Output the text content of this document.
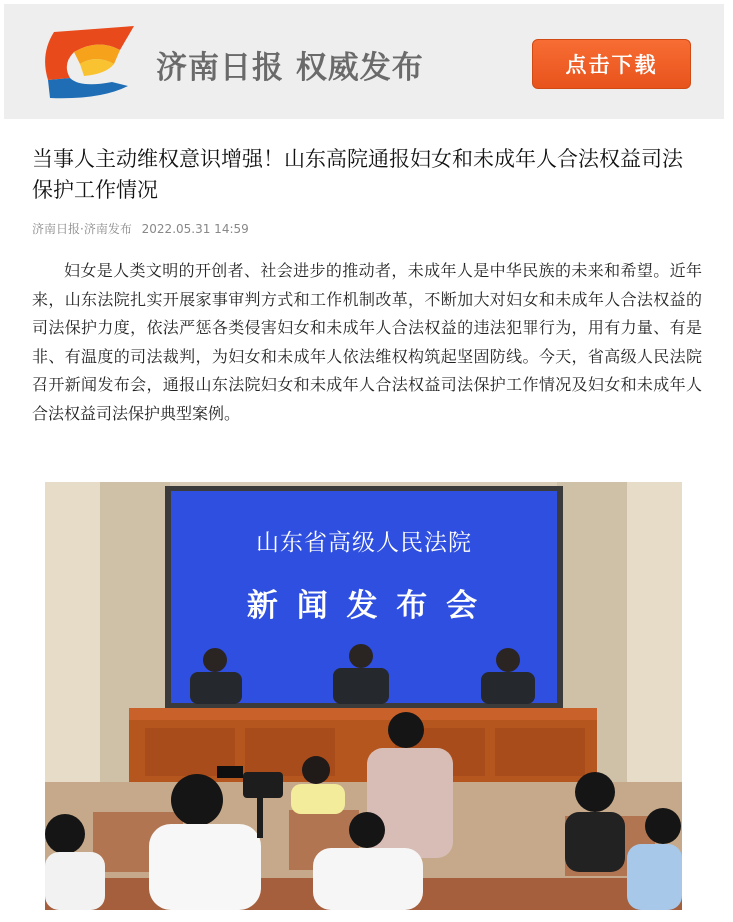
济南日报 权威发布	点击下载
当事人主动维权意识增强！山东高院通报妇女和未成年人合法权益司法保护工作情况
济南日报·济南发布 2022.05.31 14:59

妇女是人类文明的开创者、社会进步的推动者，未成年人是中华民族的未来和希望。近年来，山东法院扎实开展家事审判方式和工作机制改革，不断加大对妇女和未成年人合法权益的司法保护力度，依法严惩各类侵害妇女和未成年人合法权益的违法犯罪行为，用有力量、有是非、有温度的司法裁判，为妇女和未成年人依法维权构筑起坚固防线。今天，省高级人民法院召开新闻发布会，通报山东法院妇女和未成年人合法权益司法保护工作情况及妇女和未成年人合法权益司法保护典型案例。

山东省高级人民法院
新 闻 发 布 会
